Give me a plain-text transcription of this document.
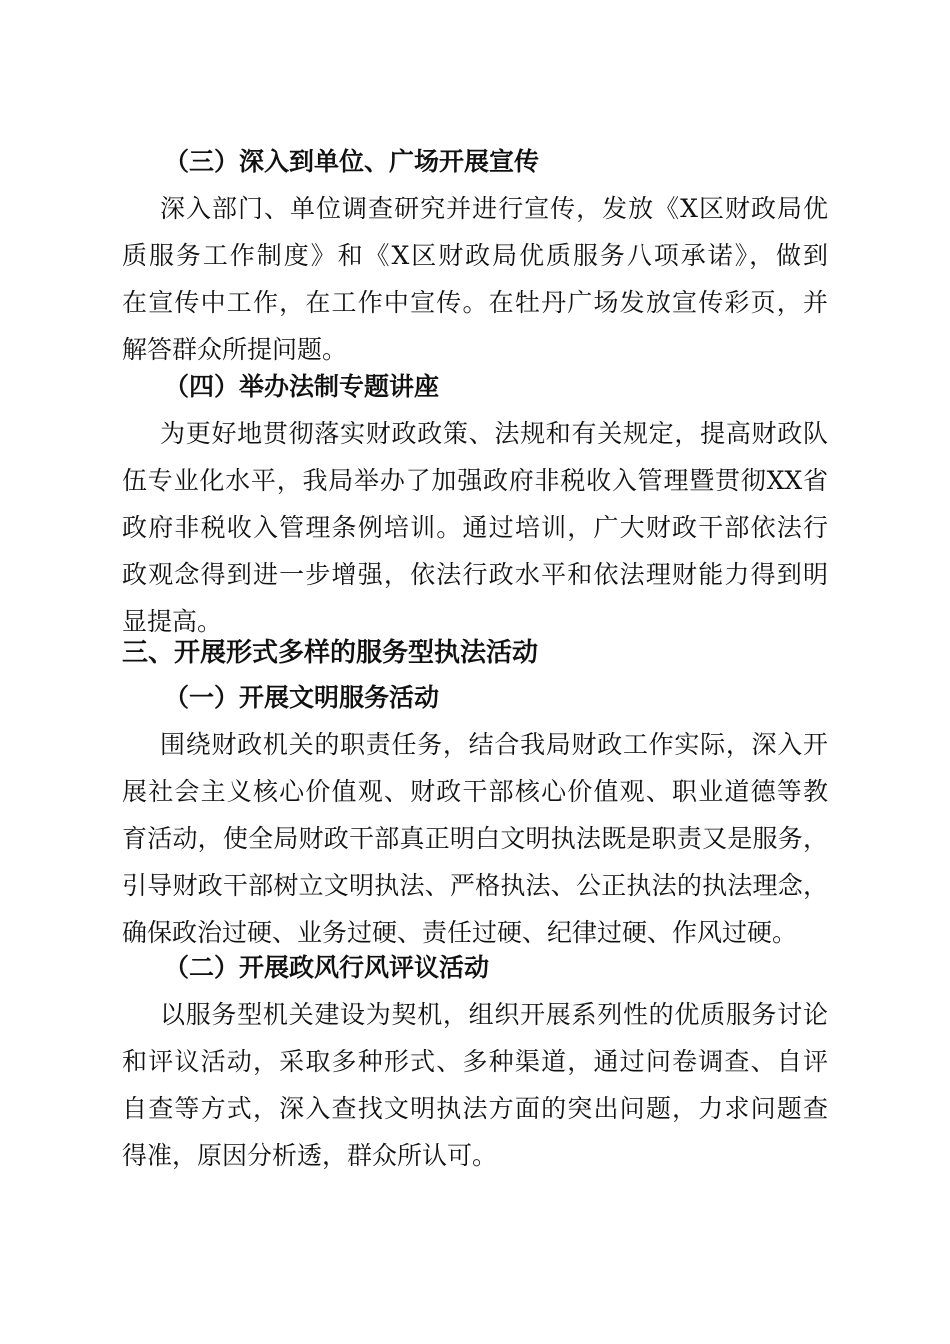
（三）深入到单位、广场开展宣传
深入部门、单位调查研究并进行宣传，发放《X区财政局优
质服务工作制度》和《X区财政局优质服务八项承诺》，做到
在宣传中工作，在工作中宣传。在牡丹广场发放宣传彩页，并
解答群众所提问题。
（四）举办法制专题讲座
为更好地贯彻落实财政政策、法规和有关规定，提高财政队
伍专业化水平，我局举办了加强政府非税收入管理暨贯彻XX省
政府非税收入管理条例培训。通过培训，广大财政干部依法行
政观念得到进一步增强，依法行政水平和依法理财能力得到明
显提高。
三、开展形式多样的服务型执法活动
（一）开展文明服务活动
围绕财政机关的职责任务，结合我局财政工作实际，深入开
展社会主义核心价值观、财政干部核心价值观、职业道德等教
育活动，使全局财政干部真正明白文明执法既是职责又是服务，
引导财政干部树立文明执法、严格执法、公正执法的执法理念，
确保政治过硬、业务过硬、责任过硬、纪律过硬、作风过硬。
（二）开展政风行风评议活动
以服务型机关建设为契机，组织开展系列性的优质服务讨论
和评议活动，采取多种形式、多种渠道，通过问卷调查、自评
自查等方式，深入查找文明执法方面的突出问题，力求问题查
得准，原因分析透，群众所认可。
